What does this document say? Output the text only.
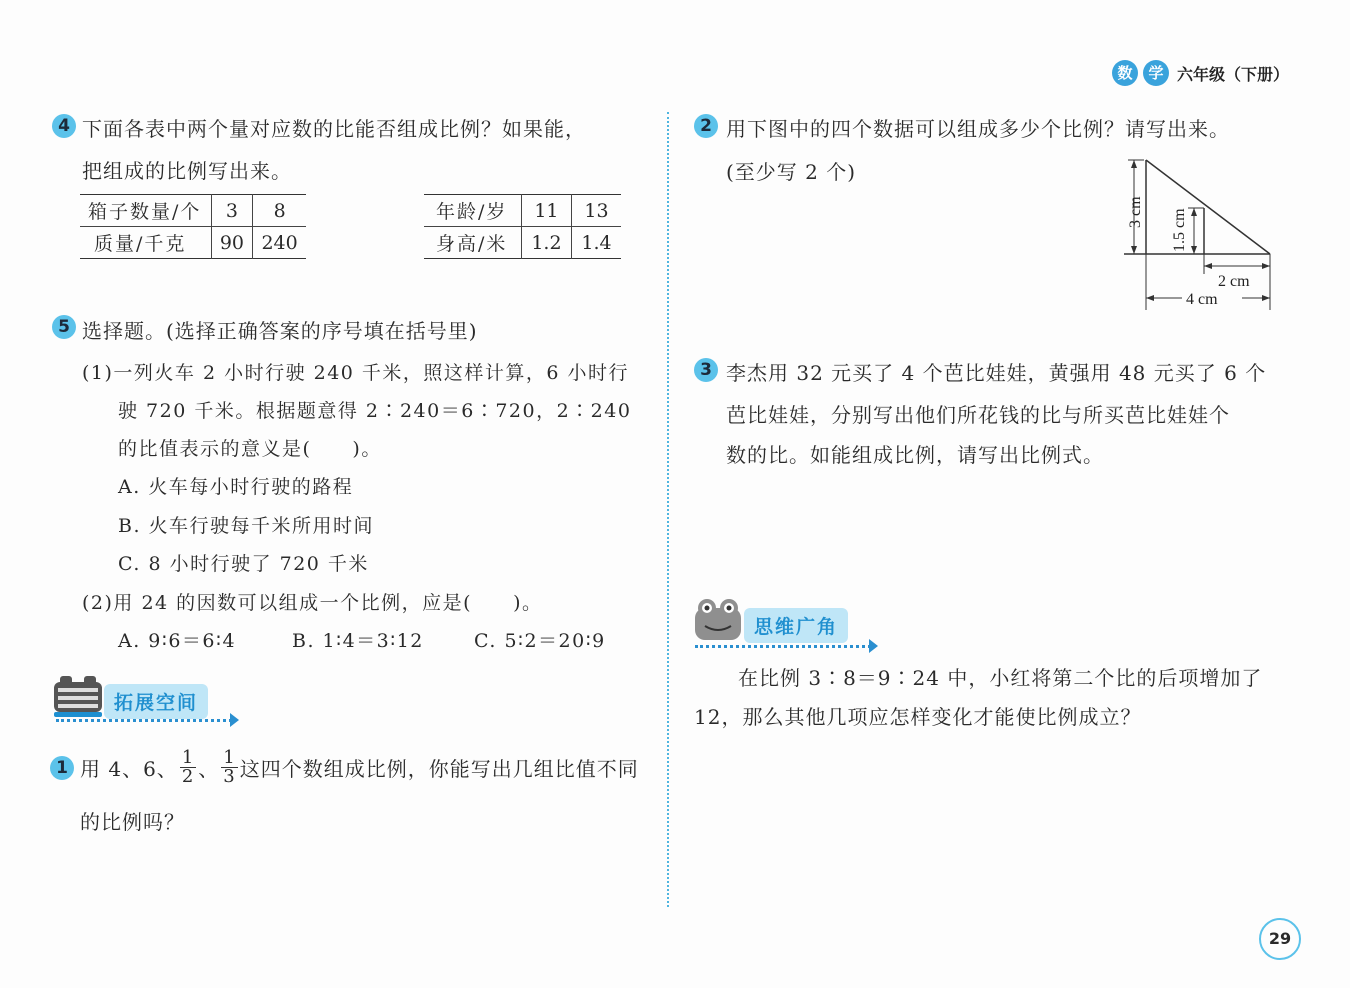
数	学 六年级（下册）
4 下面各表中两个量对应数的比能否组成比例？如果能，
把组成的比例写出来。
箱子数量/个	3	8
质量/千克	90	240
年龄/岁	11	13
身高/米	1.2	1.4
5 选择题。(选择正确答案的序号填在括号里)
(1)一列火车 2 小时行驶 240 千米，照这样计算，6 小时行
驶 720 千米。根据题意得 2∶240＝6∶720，2∶240
的比值表示的意义是(　　)。
A. 火车每小时行驶的路程
B. 火车行驶每千米所用时间
C. 8 小时行驶了 720 千米
(2)用 24 的因数可以组成一个比例，应是(　　)。
A. 9∶6＝6∶4	B. 1∶4＝3∶12	C. 5∶2＝20∶9
拓展空间
1 用 4、6、 $\frac{1}{2}$ 、 $\frac{1}{3}$ 这四个数组成比例，你能写出几组比值不同
的比例吗？
2 用下图中的四个数据可以组成多少个比例？请写出来。
(至少写 2 个)
3 cm 1.5 cm
2 cm
4 cm
3 李杰用 32 元买了 4 个芭比娃娃，黄强用 48 元买了 6 个
芭比娃娃，分别写出他们所花钱的比与所买芭比娃娃个
数的比。如能组成比例，请写出比例式。
思维广角
在比例 3∶8＝9∶24 中，小红将第二个比的后项增加了
12，那么其他几项应怎样变化才能使比例成立？
29
